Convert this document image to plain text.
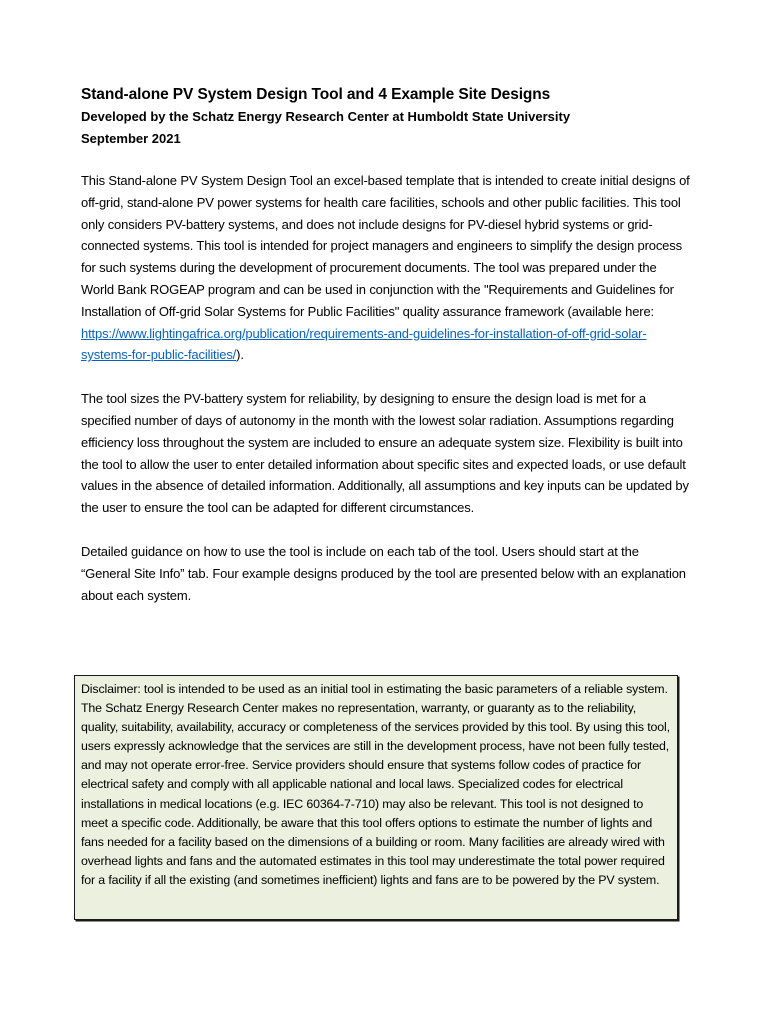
Stand-alone PV System Design Tool and 4 Example Site Designs
Developed by the Schatz Energy Research Center at Humboldt State University
September 2021

This Stand-alone PV System Design Tool an excel-based template that is intended to create initial designs of off-grid, stand-alone PV power systems for health care facilities, schools and other public facilities. This tool only considers PV-battery systems, and does not include designs for PV-diesel hybrid systems or grid-connected systems. This tool is intended for project managers and engineers to simplify the design process for such systems during the development of procurement documents. The tool was prepared under the World Bank ROGEAP program and can be used in conjunction with the "Requirements and Guidelines for Installation of Off-grid Solar Systems for Public Facilities" quality assurance framework (available here: https://www.lightingafrica.org/publication/requirements-and-guidelines-for-installation-of-off-grid-solar-systems-for-public-facilities/).

The tool sizes the PV-battery system for reliability, by designing to ensure the design load is met for a specified number of days of autonomy in the month with the lowest solar radiation. Assumptions regarding efficiency loss throughout the system are included to ensure an adequate system size. Flexibility is built into the tool to allow the user to enter detailed information about specific sites and expected loads, or use default values in the absence of detailed information. Additionally, all assumptions and key inputs can be updated by the user to ensure the tool can be adapted for different circumstances.

Detailed guidance on how to use the tool is include on each tab of the tool. Users should start at the “General Site Info” tab. Four example designs produced by the tool are presented below with an explanation about each system.

Disclaimer: tool is intended to be used as an initial tool in estimating the basic parameters of a reliable system. The Schatz Energy Research Center makes no representation, warranty, or guaranty as to the reliability, quality, suitability, availability, accuracy or completeness of the services provided by this tool. By using this tool, users expressly acknowledge that the services are still in the development process, have not been fully tested, and may not operate error-free. Service providers should ensure that systems follow codes of practice for electrical safety and comply with all applicable national and local laws. Specialized codes for electrical installations in medical locations (e.g. IEC 60364-7-710) may also be relevant. This tool is not designed to meet a specific code. Additionally, be aware that this tool offers options to estimate the number of lights and fans needed for a facility based on the dimensions of a building or room. Many facilities are already wired with overhead lights and fans and the automated estimates in this tool may underestimate the total power required for a facility if all the existing (and sometimes inefficient) lights and fans are to be powered by the PV system.
